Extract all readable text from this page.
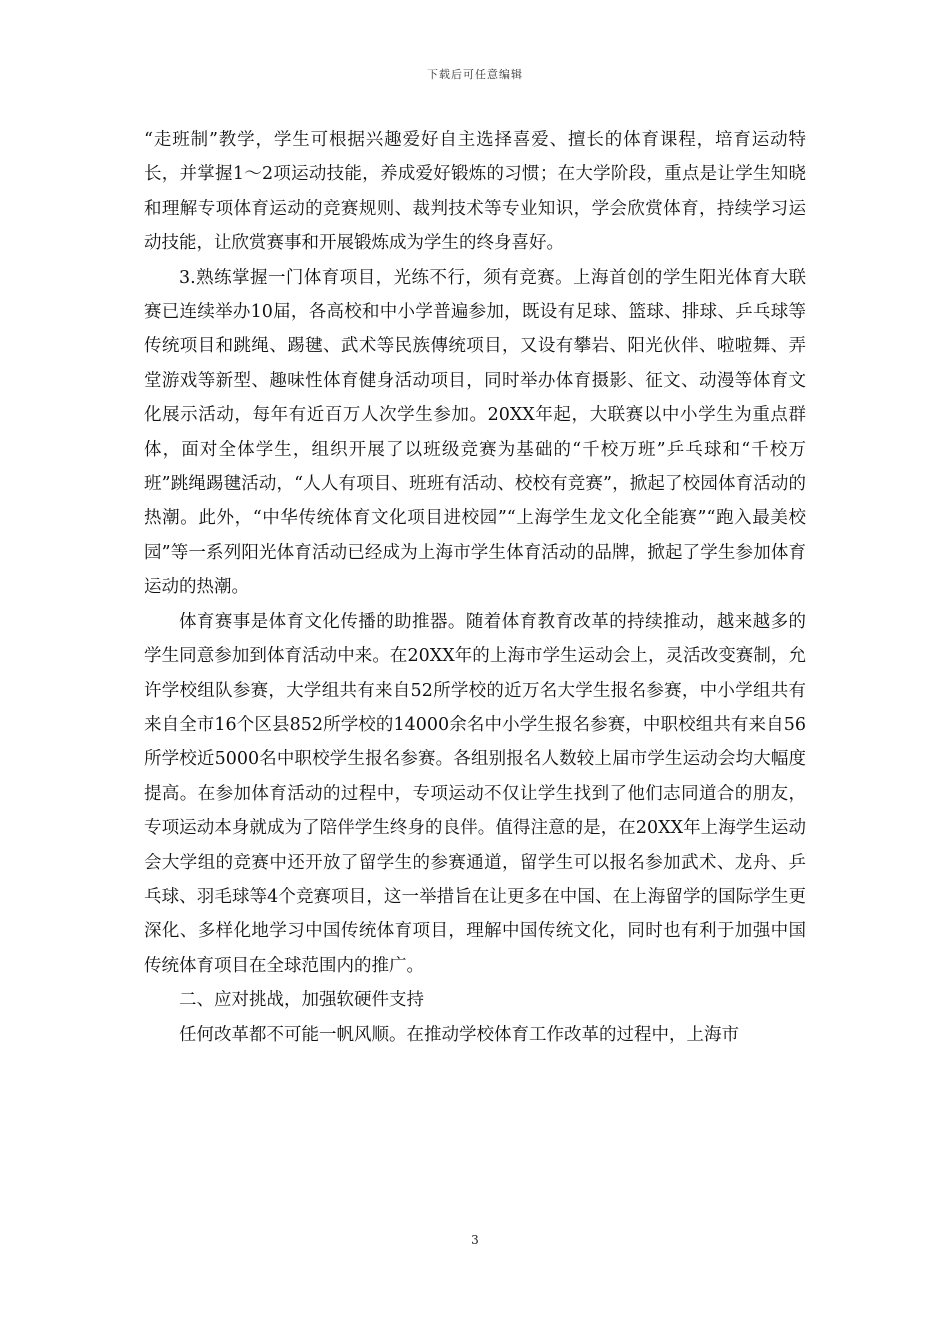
下载后可任意编辑

“走班制”教学，学生可根据兴趣爱好自主选择喜爱、擅长的体育课程，培育运动特长，并掌握1～2项运动技能，养成爱好锻炼的习惯；在大学阶段，重点是让学生知晓和理解专项体育运动的竞赛规则、裁判技术等专业知识，学会欣赏体育，持续学习运动技能，让欣赏赛事和开展锻炼成为学生的终身喜好。

3.熟练掌握一门体育项目，光练不行，须有竞赛。上海首创的学生阳光体育大联赛已连续举办10届，各高校和中小学普遍参加，既设有足球、篮球、排球、乒乓球等传统项目和跳绳、踢毽、武术等民族傳统项目，又设有攀岩、阳光伙伴、啦啦舞、弄堂游戏等新型、趣味性体育健身活动项目，同时举办体育摄影、征文、动漫等体育文化展示活动，每年有近百万人次学生参加。20XX年起，大联赛以中小学生为重点群体，面对全体学生，组织开展了以班级竞赛为基础的“千校万班”乒乓球和“千校万班”跳绳踢毽活动，“人人有项目、班班有活动、校校有竞赛”，掀起了校园体育活动的热潮。此外，“中华传统体育文化项目进校园”“上海学生龙文化全能赛”“跑入最美校园”等一系列阳光体育活动已经成为上海市学生体育活动的品牌，掀起了学生参加体育运动的热潮。

体育赛事是体育文化传播的助推器。随着体育教育改革的持续推动，越来越多的学生同意参加到体育活动中来。在20XX年的上海市学生运动会上，灵活改变赛制，允许学校组队参赛，大学组共有来自52所学校的近万名大学生报名参赛，中小学组共有来自全市16个区县852所学校的14000余名中小学生报名参赛，中职校组共有来自56所学校近5000名中职校学生报名参赛。各组别报名人数较上届市学生运动会均大幅度提高。在参加体育活动的过程中，专项运动不仅让学生找到了他们志同道合的朋友，专项运动本身就成为了陪伴学生终身的良伴。值得注意的是，在20XX年上海学生运动会大学组的竞赛中还开放了留学生的参赛通道，留学生可以报名参加武术、龙舟、乒乓球、羽毛球等4个竞赛项目，这一举措旨在让更多在中国、在上海留学的国际学生更深化、多样化地学习中国传统体育项目，理解中国传统文化，同时也有利于加强中国传统体育项目在全球范围内的推广。

二、应对挑战，加强软硬件支持

任何改革都不可能一帆风顺。在推动学校体育工作改革的过程中，上海市

3
